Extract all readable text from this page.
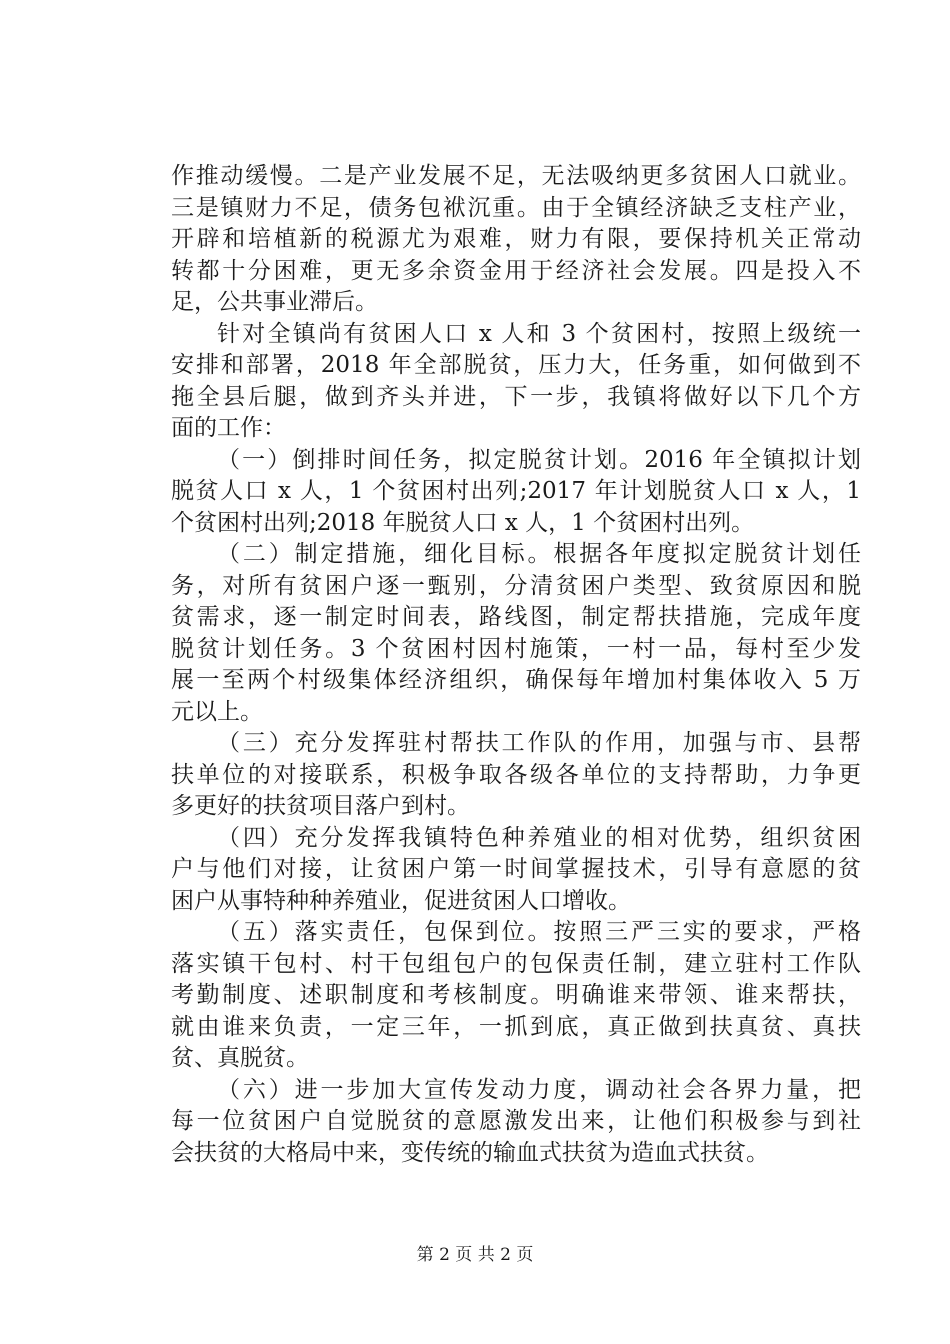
作推动缓慢。二是产业发展不足，无法吸纳更多贫困人口就业。
三是镇财力不足，债务包袱沉重。由于全镇经济缺乏支柱产业，
开辟和培植新的税源尤为艰难，财力有限，要保持机关正常动
转都十分困难，更无多余资金用于经济社会发展。四是投入不
足，公共事业滞后。
针对全镇尚有贫困人口 x 人和 3 个贫困村，按照上级统一
安排和部署，2018 年全部脱贫，压力大，任务重，如何做到不
拖全县后腿，做到齐头并进，下一步，我镇将做好以下几个方
面的工作：
（一）倒排时间任务，拟定脱贫计划。2016 年全镇拟计划
脱贫人口 x 人，1 个贫困村出列;2017 年计划脱贫人口 x 人，1
个贫困村出列;2018 年脱贫人口 x 人，1 个贫困村出列。
（二）制定措施，细化目标。根据各年度拟定脱贫计划任
务，对所有贫困户逐一甄别，分清贫困户类型、致贫原因和脱
贫需求，逐一制定时间表，路线图，制定帮扶措施，完成年度
脱贫计划任务。3 个贫困村因村施策，一村一品，每村至少发
展一至两个村级集体经济组织，确保每年增加村集体收入 5 万
元以上。
（三）充分发挥驻村帮扶工作队的作用，加强与市、县帮
扶单位的对接联系，积极争取各级各单位的支持帮助，力争更
多更好的扶贫项目落户到村。
（四）充分发挥我镇特色种养殖业的相对优势，组织贫困
户与他们对接，让贫困户第一时间掌握技术，引导有意愿的贫
困户从事特种种养殖业，促进贫困人口增收。
（五）落实责任，包保到位。按照三严三实的要求，严格
落实镇干包村、村干包组包户的包保责任制，建立驻村工作队
考勤制度、述职制度和考核制度。明确谁来带领、谁来帮扶，
就由谁来负责，一定三年，一抓到底，真正做到扶真贫、真扶
贫、真脱贫。
（六）进一步加大宣传发动力度，调动社会各界力量，把
每一位贫困户自觉脱贫的意愿激发出来，让他们积极参与到社
会扶贫的大格局中来，变传统的输血式扶贫为造血式扶贫。
第 2 页 共 2 页
